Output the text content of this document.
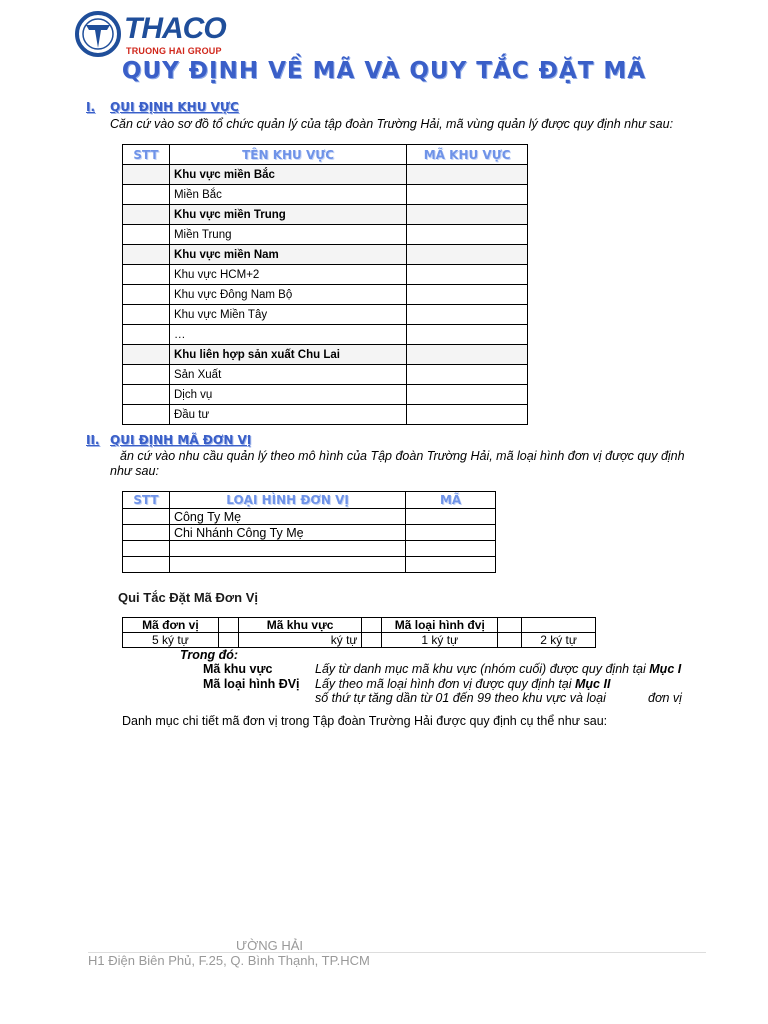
THACO
TRUONG HAI GROUP
QUY ĐỊNH VỀ MÃ VÀ QUY TẮC ĐẶT MÃ
I. QUI ĐỊNH KHU VỰC
Căn cứ vào sơ đồ tổ chức quản lý của tập đoàn Trường Hải, mã vùng quản lý được quy định như sau:
STT	TÊN KHU VỰC	MÃ KHU VỰC
	Khu vực miền Bắc	
	Miền Bắc	
	Khu vực miền Trung	
	Miền Trung	
	Khu vực miền Nam	
	Khu vực HCM+2	
	Khu vực Đông Nam Bộ	
	Khu vực Miền Tây	
	…	
	Khu liên hợp sản xuất Chu Lai	
	Sản Xuất	
	Dịch vụ	
	Đầu tư	
II. QUI ĐỊNH MÃ ĐƠN VỊ
ăn cứ vào nhu cầu quản lý theo mô hình của Tập đoàn Trường Hải, mã loại hình đơn vị được quy định
như sau:
STT	LOẠI HÌNH ĐƠN VỊ	MÃ
	Công Ty Mẹ	
	Chi Nhánh Công Ty Mẹ	

Qui Tắc Đặt Mã Đơn Vị
Mã đơn vị		Mã khu vực		Mã loại hình đvị		
5 ký tự		ký tự		1 ký tự		2 ký tự
Trong đó:
Mã khu vực	Lấy từ danh mục mã khu vực (nhóm cuối) được quy định tại Mục I
Mã loại hình ĐVị Lấy theo mã loại hình đơn vị được quy định tại Mục II
số thứ tự tăng dần từ 01 đến 99 theo khu vực và loại	đơn vị
Danh mục chi tiết mã đơn vị trong Tập đoàn Trường Hải được quy định cụ thể như sau:
ƯỜNG HẢI
H1 Điện Biên Phủ, F.25, Q. Bình Thạnh, TP.HCM
